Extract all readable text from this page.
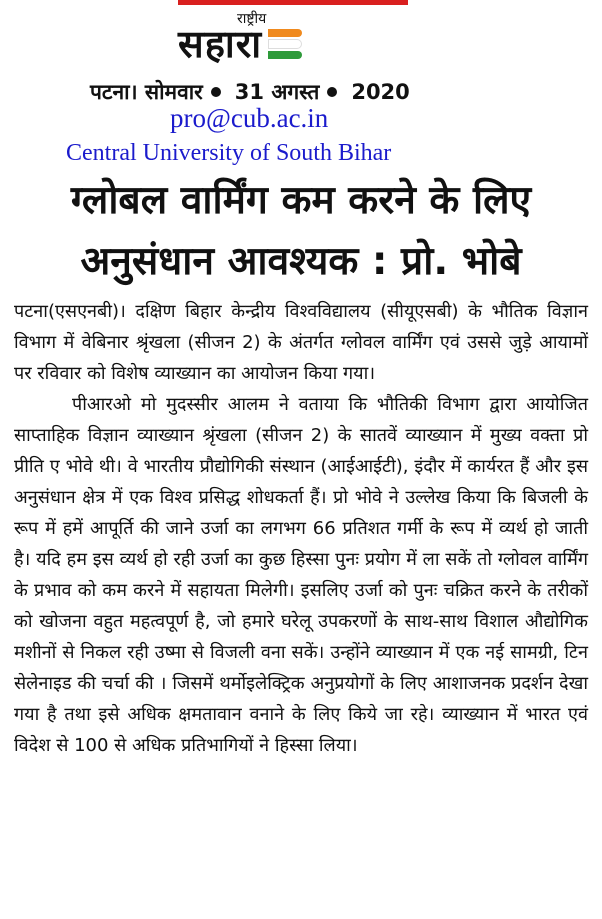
राष्ट्रीय
सहारा
पटना। सोमवार 31 अगस्त 2020
pro@cub.ac.in
Central University of South Bihar
ग्लोबल वार्मिंग कम करने के लिए
अनुसंधान आवश्यक : प्रो. भोबे

पटना(एसएनबी)। दक्षिण बिहार केन्द्रीय विश्वविद्यालय (सीयूएसबी) के भौतिक विज्ञान विभाग में वेबिनार श्रृंखला (सीजन 2) के अंतर्गत ग्लोवल वार्मिंग एवं उससे जुड़े आयामों पर रविवार को विशेष व्याख्यान का आयोजन किया गया।

पीआरओ मो मुदस्सीर आलम ने वताया कि भौतिकी विभाग द्वारा आयोजित साप्ताहिक विज्ञान व्याख्यान श्रृंखला (सीजन 2) के सातवें व्याख्यान में मुख्य वक्ता प्रो प्रीति ए भोवे थी। वे भारतीय प्रौद्योगिकी संस्थान (आईआईटी), इंदौर में कार्यरत हैं और इस अनुसंधान क्षेत्र में एक विश्व प्रसिद्ध शोधकर्ता हैं। प्रो भोवे ने उल्लेख किया कि बिजली के रूप में हमें आपूर्ति की जाने उर्जा का लगभग 66 प्रतिशत गर्मी के रूप में व्यर्थ हो जाती है। यदि हम इस व्यर्थ हो रही उर्जा का कुछ हिस्सा पुनः प्रयोग में ला सकें तो ग्लोवल वार्मिंग के प्रभाव को कम करने में सहायता मिलेगी। इसलिए उर्जा को पुनः चक्रित करने के तरीकों को खोजना वहुत महत्वपूर्ण है, जो हमारे घरेलू उपकरणों के साथ-साथ विशाल औद्योगिक मशीनों से निकल रही उष्मा से विजली वना सकें। उन्होंने व्याख्यान में एक नई सामग्री, टिन सेलेनाइड की चर्चा की । जिसमें थर्मोइलेक्ट्रिक अनुप्रयोगों के लिए आशाजनक प्रदर्शन देखा गया है तथा इसे अधिक क्षमतावान वनाने के लिए किये जा रहे। व्याख्यान में भारत एवं विदेश से 100 से अधिक प्रतिभागियों ने हिस्सा लिया।
